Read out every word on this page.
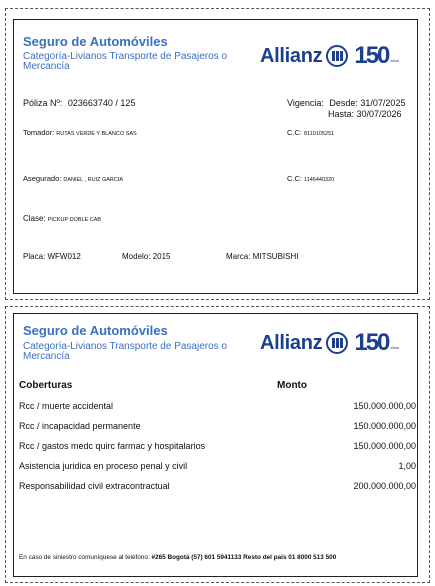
Seguro de Automóviles
Categoría-Livianos Transporte de Pasajeros o
Mercancía	Allianz 150 años
Póliza Nº: 023663740 / 125	Vigencia: Desde: 31/07/2025
Hasta: 30/07/2026
Tomador: RUTAS VERDE Y BLANCO SAS	C.C: 8110105251
Asegurado: DANIEL , RUIZ GARCIA	C.C: 1146440320
Clase: PICKUP DOBLE CAB
Placa: WFW012	Modelo: 2015	Marca: MITSUBISHI
Seguro de Automóviles
Categoría-Livianos Transporte de Pasajeros o
Mercancía
Allianz 150 años
Coberturas	Monto
Rcc / muerte accidental	150.000.000,00
Rcc / incapacidad permanente	150.000.000,00
Rcc / gastos medc quirc farmac y hospitalarios	150.000.000,00
Asistencia juridica en proceso penal y civil	1,00
Responsabilidad civil extracontractual	200.000.000,00
En caso de siniestro comuníquese al teléfono: #265 Bogotá (57) 601 5941133 Resto del país 01 8000 513 500
